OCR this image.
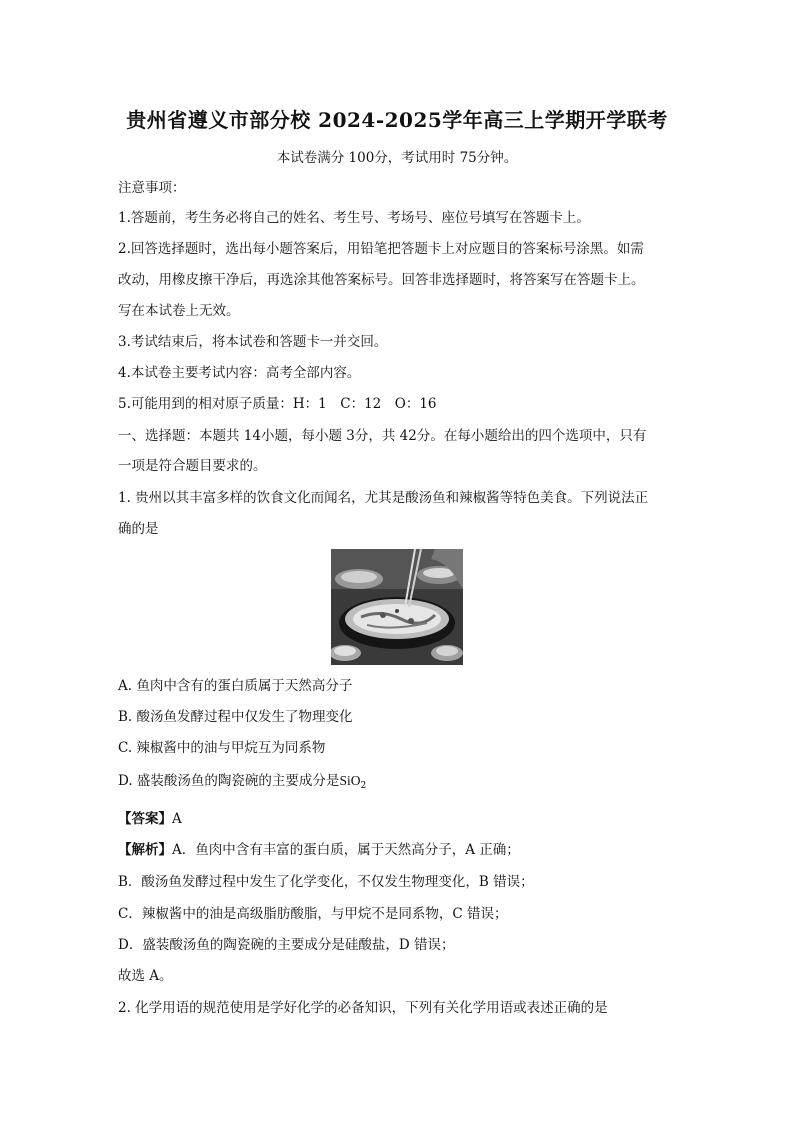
贵州省遵义市部分校 2024-2025学年高三上学期开学联考
本试卷满分 100分，考试用时 75分钟。
注意事项：
1.答题前，考生务必将自己的姓名、考生号、考场号、座位号填写在答题卡上。
2.回答选择题时，选出每小题答案后，用铅笔把答题卡上对应题目的答案标号涂黑。如需
改动，用橡皮擦干净后，再选涂其他答案标号。回答非选择题时，将答案写在答题卡上。
写在本试卷上无效。
3.考试结束后，将本试卷和答题卡一并交回。
4.本试卷主要考试内容：高考全部内容。
5.可能用到的相对原子质量：H：1　C：12　O：16
一、选择题：本题共 14小题，每小题 3分，共 42分。在每小题给出的四个选项中，只有
一项是符合题目要求的。
1. 贵州以其丰富多样的饮食文化而闻名，尤其是酸汤鱼和辣椒酱等特色美食。下列说法正
确的是
A. 鱼肉中含有的蛋白质属于天然高分子
B. 酸汤鱼发酵过程中仅发生了物理变化
C. 辣椒酱中的油与甲烷互为同系物
D. 盛装酸汤鱼的陶瓷碗的主要成分是SiO$_2$
【答案】A
【解析】A．鱼肉中含有丰富的蛋白质，属于天然高分子，A 正确；
B．酸汤鱼发酵过程中发生了化学变化，不仅发生物理变化，B 错误；
C．辣椒酱中的油是高级脂肪酸脂，与甲烷不是同系物，C 错误；
D．盛装酸汤鱼的陶瓷碗的主要成分是硅酸盐，D 错误；
故选 A。
2. 化学用语的规范使用是学好化学的必备知识，下列有关化学用语或表述正确的是
